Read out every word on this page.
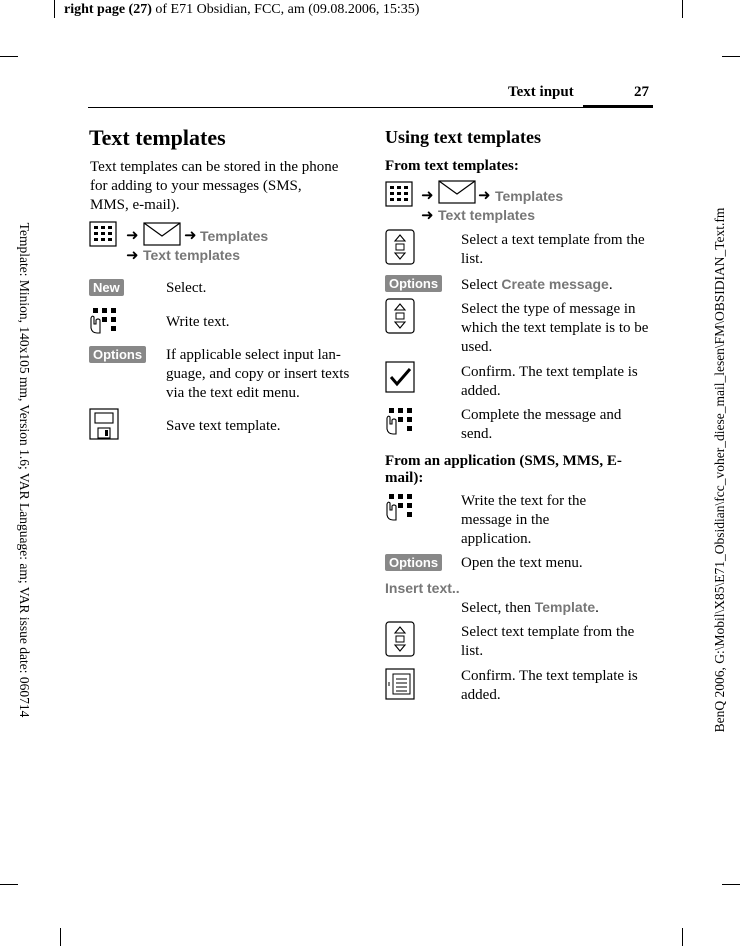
right page (27) of E71 Obsidian, FCC, am (09.08.2006, 15:35)
Template: Minion, 140x105 mm, Version 1.6; VAR Language: am; VAR issue date: 060714	BenQ 2006, G:\Mobil\X85\E71_Obsidian\fcc_voher_diese_mail_lesen\FM\OBSIDIAN_Text.fm
Text input	27
Text templates
Text templates can be stored in the phone for adding to your messages (SMS, MMS, e-mail).
➜	➜ Templates
➜ Text templates
New	Select.
Write text.
Options If applicable select input lan-guage, and copy or insert texts via the text edit menu.
Save text template.
Using text templates
From text templates:
➜	➜ Templates
➜ Text templates
Select a text template from the list.
Options Select Create message.
Select the type of message in which the text template is to be used.
Confirm. The text template is added.
Complete the message and send.
From an application (SMS, MMS, E-mail):
Write the text for the message in the application.
Options Open the text menu.
Insert text..
Select, then Template.
Select text template from the list.
Confirm. The text template is added.
